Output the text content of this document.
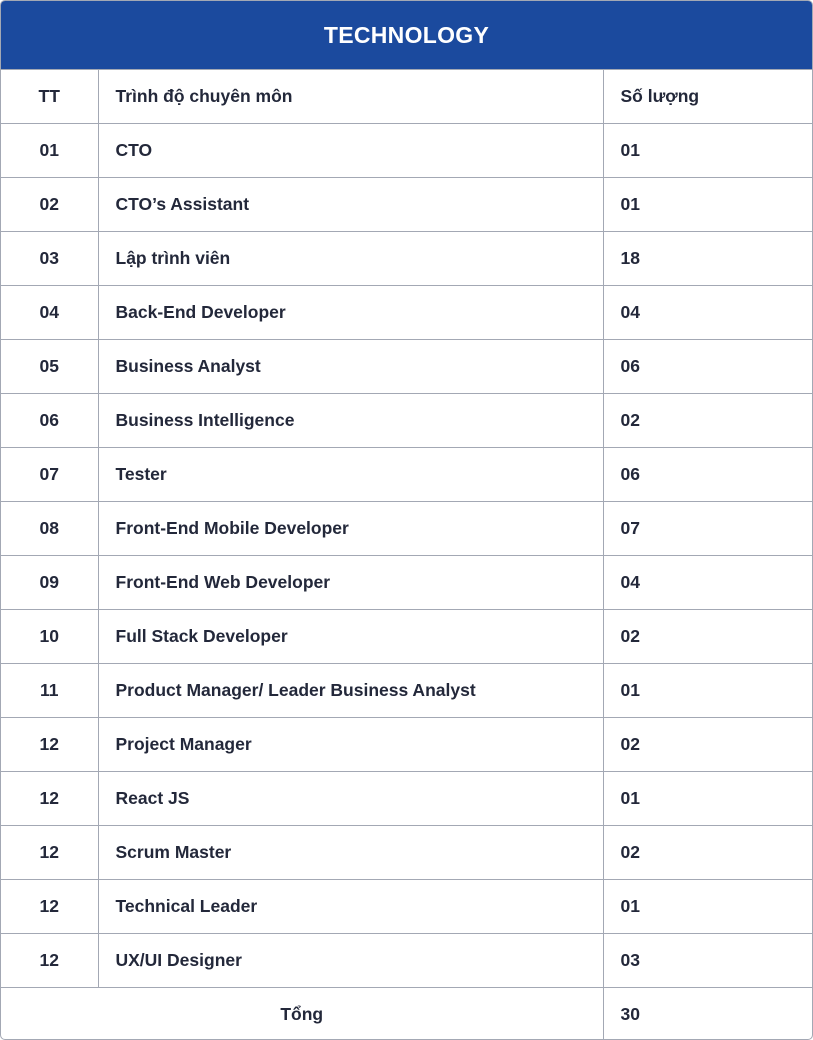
TECHNOLOGY
TT	Trình độ chuyên môn	Số lượng
01	CTO	01
02	CTO’s Assistant	01
03	Lập trình viên	18
04	Back-End Developer	04
05	Business Analyst	06
06	Business Intelligence	02
07	Tester	06
08	Front-End Mobile Developer	07
09	Front-End Web Developer	04
10	Full Stack Developer	02
11	Product Manager/ Leader Business Analyst	01
12	Project Manager	02
12	React JS	01
12	Scrum Master	02
12	Technical Leader	01
12	UX/UI Designer	03
Tổng		30
